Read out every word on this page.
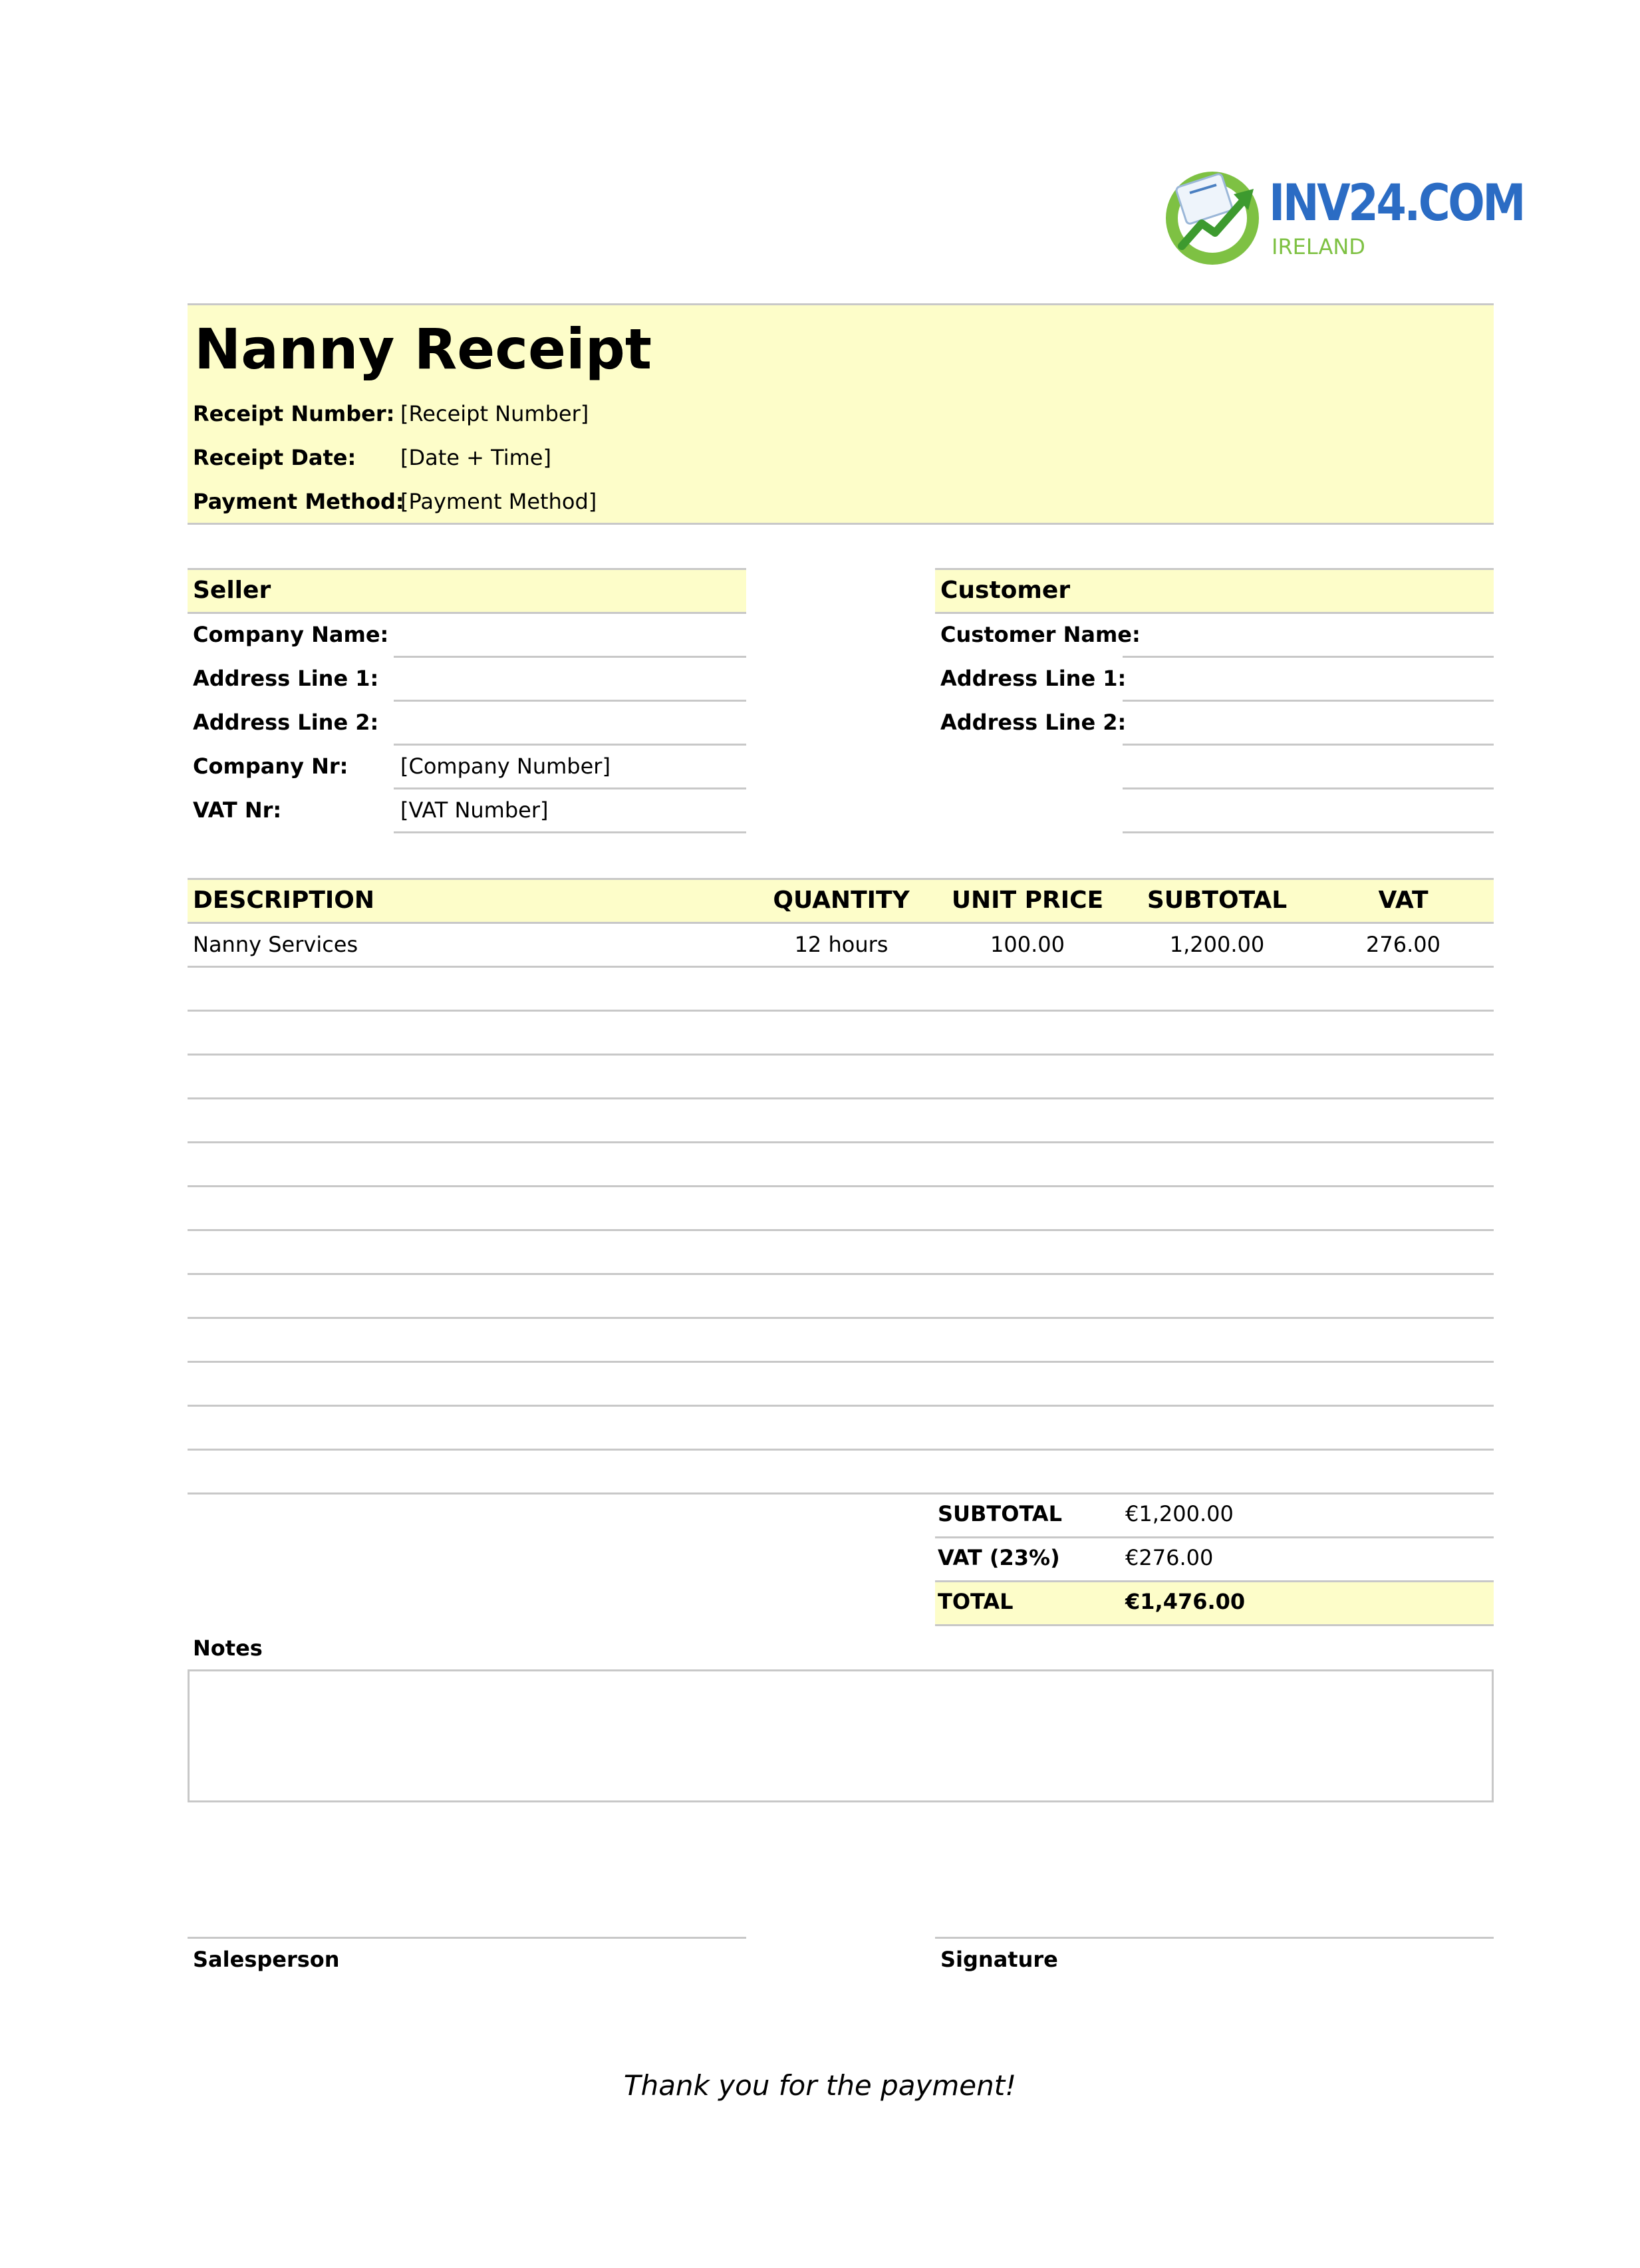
INV24.COM
IRELAND
Nanny Receipt
Receipt Number: [Receipt Number]
Receipt Date: [Date + Time]
Payment Method:
[Payment Method]
Seller
Company Name:
Address Line 1:
Address Line 2:
Company Nr: [Company Number]
VAT Nr:	[VAT Number]
Customer
Customer Name:
Address Line 1:
Address Line 2:
DESCRIPTION	QUANTITY	UNIT PRICE	SUBTOTAL	VAT
Nanny Services	12 hours	100.00	1,200.00	276.00
SUBTOTAL	€1,200.00
VAT (23%)	€276.00
TOTAL	€1,476.00
Notes
Salesperson	Signature
Thank you for the payment!
